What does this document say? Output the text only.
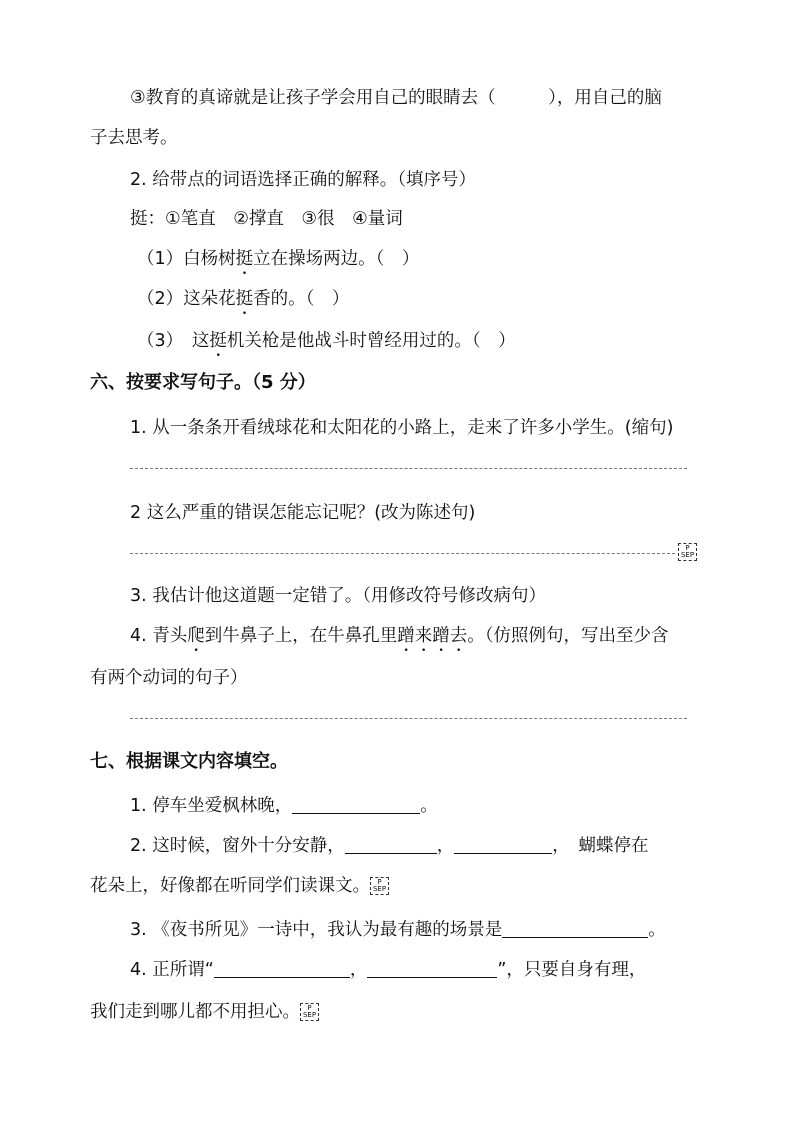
③教育的真谛就是让孩子学会用自己的眼睛去（　　　），用自己的脑
子去思考。
2. 给带点的词语选择正确的解释。（填序号）
挺：①笔直　②撑直　③很　④量词
（1）白杨树挺立在操场两边。（　）
（2）这朵花挺香的。（　）
（3）　这挺机关枪是他战斗时曾经用过的。（　）
六、按要求写句子。（5 分）
1. 从一条条开看绒球花和太阳花的小路上，走来了许多小学生。(缩句)
2 这么严重的错误怎能忘记呢？(改为陈述句)
P
SEP
3. 我估计他这道题一定错了。（用修改符号修改病句）
4. 青头爬到牛鼻子上，在牛鼻孔里蹭来蹭去。（仿照例句，写出至少含
有两个动词的句子）
七、根据课文内容填空。
1. 停车坐爱枫林晚，	。
2. 这时候，窗外十分安静，	，	，　蝴蝶停在
花朵上，好像都在听同学们读课文。	P
SEP
3. 《夜书所见》一诗中，我认为最有趣的场景是	。
4. 正所谓“	，	”，只要自身有理，
我们走到哪儿都不用担心。	P
SEP
